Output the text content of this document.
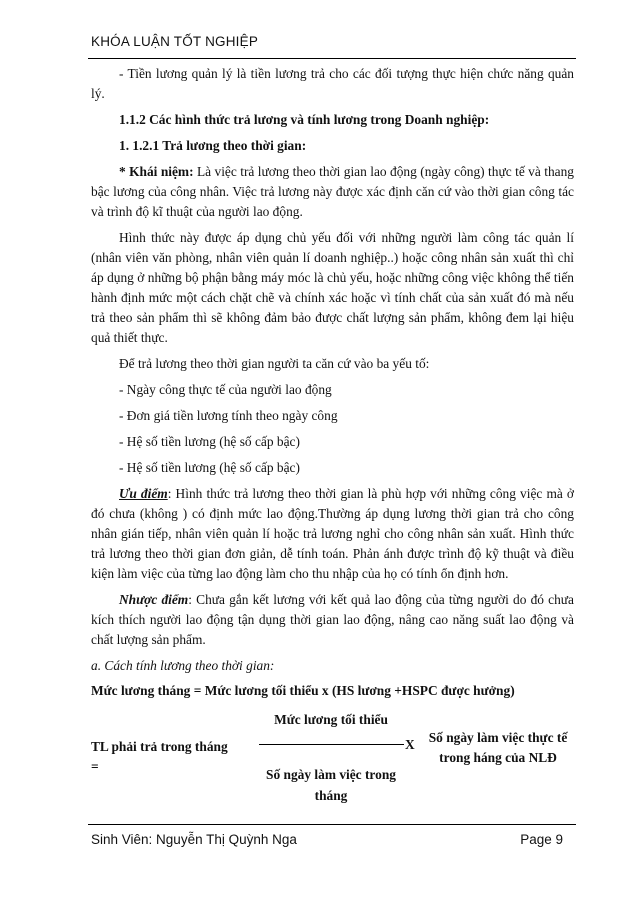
KHÓA LUẬN TỐT NGHIỆP

- Tiền lương quản lý là tiền lương trả cho các đối tượng thực hiện chức năng quản lý.

1.1.2 Các hình thức trả lương và tính lương trong Doanh nghiệp:

1. 1.2.1 Trả lương theo thời gian:

* Khái niệm: Là việc trả lương theo thời gian lao động (ngày công) thực tế và thang bậc lương của công nhân. Việc trả lương này được xác định căn cứ vào thời gian công tác và trình độ kĩ thuật của người lao động.

Hình thức này được áp dụng chủ yếu đối với những người làm công tác quản lí (nhân viên văn phòng, nhân viên quản lí doanh nghiệp..) hoặc công nhân sản xuất thì chỉ áp dụng ở những bộ phận bằng máy móc là chủ yếu, hoặc những công việc không thể tiến hành định mức một cách chặt chẽ và chính xác hoặc vì tính chất của sản xuất đó mà nếu trả theo sản phẩm thì sẽ không đảm bảo được chất lượng sản phẩm, không đem lại hiệu quả thiết thực.

Để trả lương theo thời gian người ta căn cứ vào ba yếu tố:

- Ngày công thực tế của người lao động

- Đơn giá tiền lương tính theo ngày công

- Hệ số tiền lương (hệ số cấp bậc)

- Hệ số tiền lương (hệ số cấp bậc)

Ưu điểm: Hình thức trả lương theo thời gian là phù hợp với những công việc mà ở đó chưa (không ) có định mức lao động.Thường áp dụng lương thời gian trả cho công nhân gián tiếp, nhân viên quản lí hoặc trả lương nghỉ cho công nhân sản xuất. Hình thức trả lương theo thời gian đơn giản, dễ tính toán. Phản ánh được trình độ kỹ thuật và điều kiện làm việc của từng lao động làm cho thu nhập của họ có tính ổn định hơn.

Nhược điểm: Chưa gắn kết lương với kết quả lao động của từng người do đó chưa kích thích người lao động tận dụng thời gian lao động, nâng cao năng suất lao động và chất lượng sản phẩm.

a. Cách tính lương theo thời gian:

Mức lương tháng = Mức lương tối thiểu x (HS lương +HSPC được hưởng)

TL phải trả trong tháng
=
Mức lương tối thiểu
Số ngày làm việc trong tháng
X	Số ngày làm việc thực tế trong háng của NLĐ
Sinh Viên: Nguyễn Thị Quỳnh Nga	Page 9
